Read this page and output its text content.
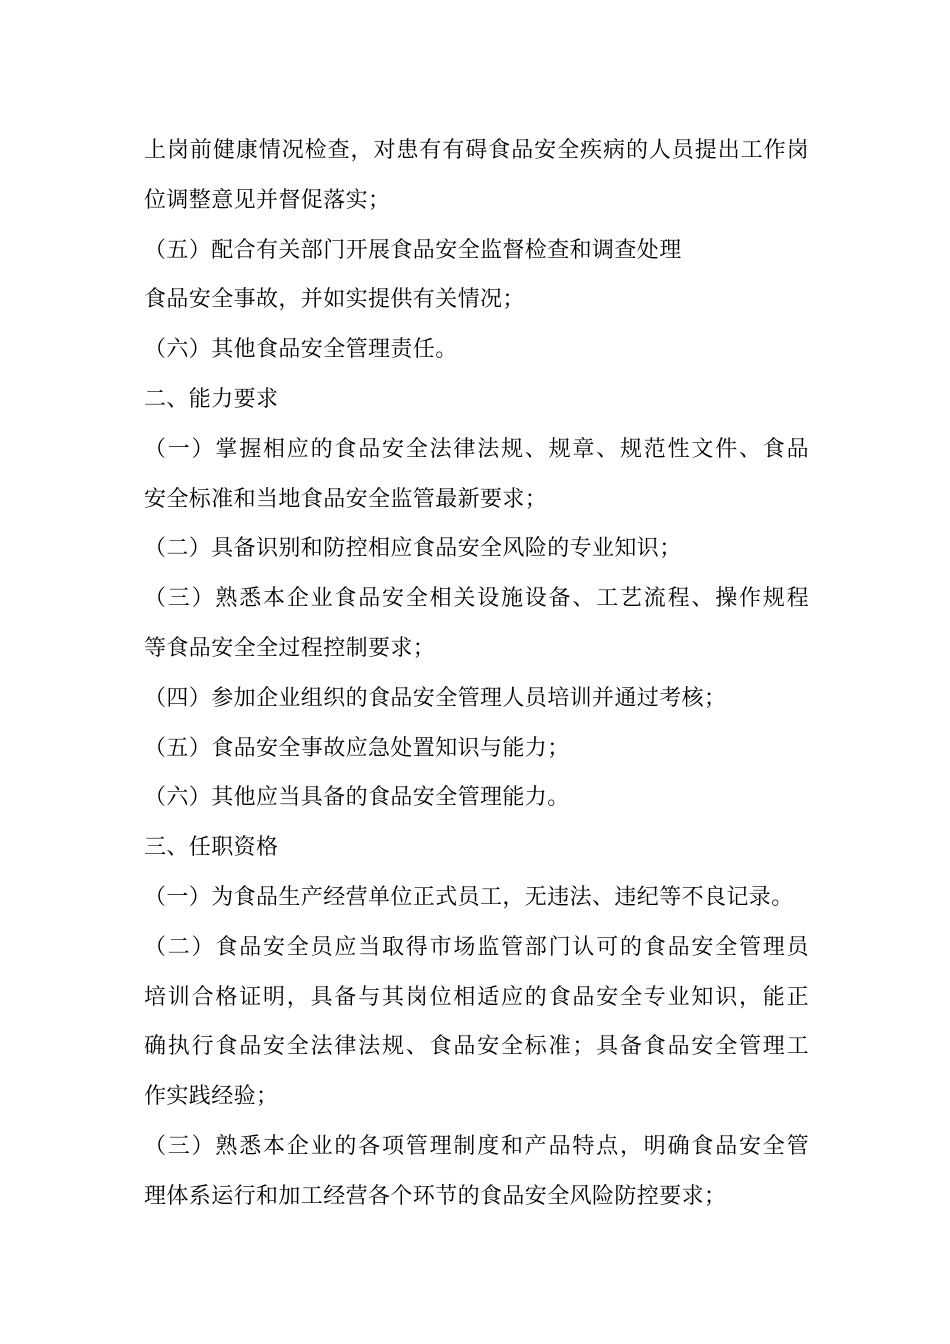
上岗前健康情况检查，对患有有碍食品安全疾病的人员提出工作岗
位调整意见并督促落实；
（五）配合有关部门开展食品安全监督检查和调查处理
食品安全事故，并如实提供有关情况；
（六）其他食品安全管理责任。
二、能力要求
（一）掌握相应的食品安全法律法规、规章、规范性文件、食品
安全标准和当地食品安全监管最新要求；
（二）具备识别和防控相应食品安全风险的专业知识；
（三）熟悉本企业食品安全相关设施设备、工艺流程、操作规程
等食品安全全过程控制要求；
（四）参加企业组织的食品安全管理人员培训并通过考核；
（五）食品安全事故应急处置知识与能力；
（六）其他应当具备的食品安全管理能力。
三、任职资格
（一）为食品生产经营单位正式员工，无违法、违纪等不良记录。
（二）食品安全员应当取得市场监管部门认可的食品安全管理员
培训合格证明，具备与其岗位相适应的食品安全专业知识，能正
确执行食品安全法律法规、食品安全标准；具备食品安全管理工
作实践经验；
（三）熟悉本企业的各项管理制度和产品特点，明确食品安全管
理体系运行和加工经营各个环节的食品安全风险防控要求；
